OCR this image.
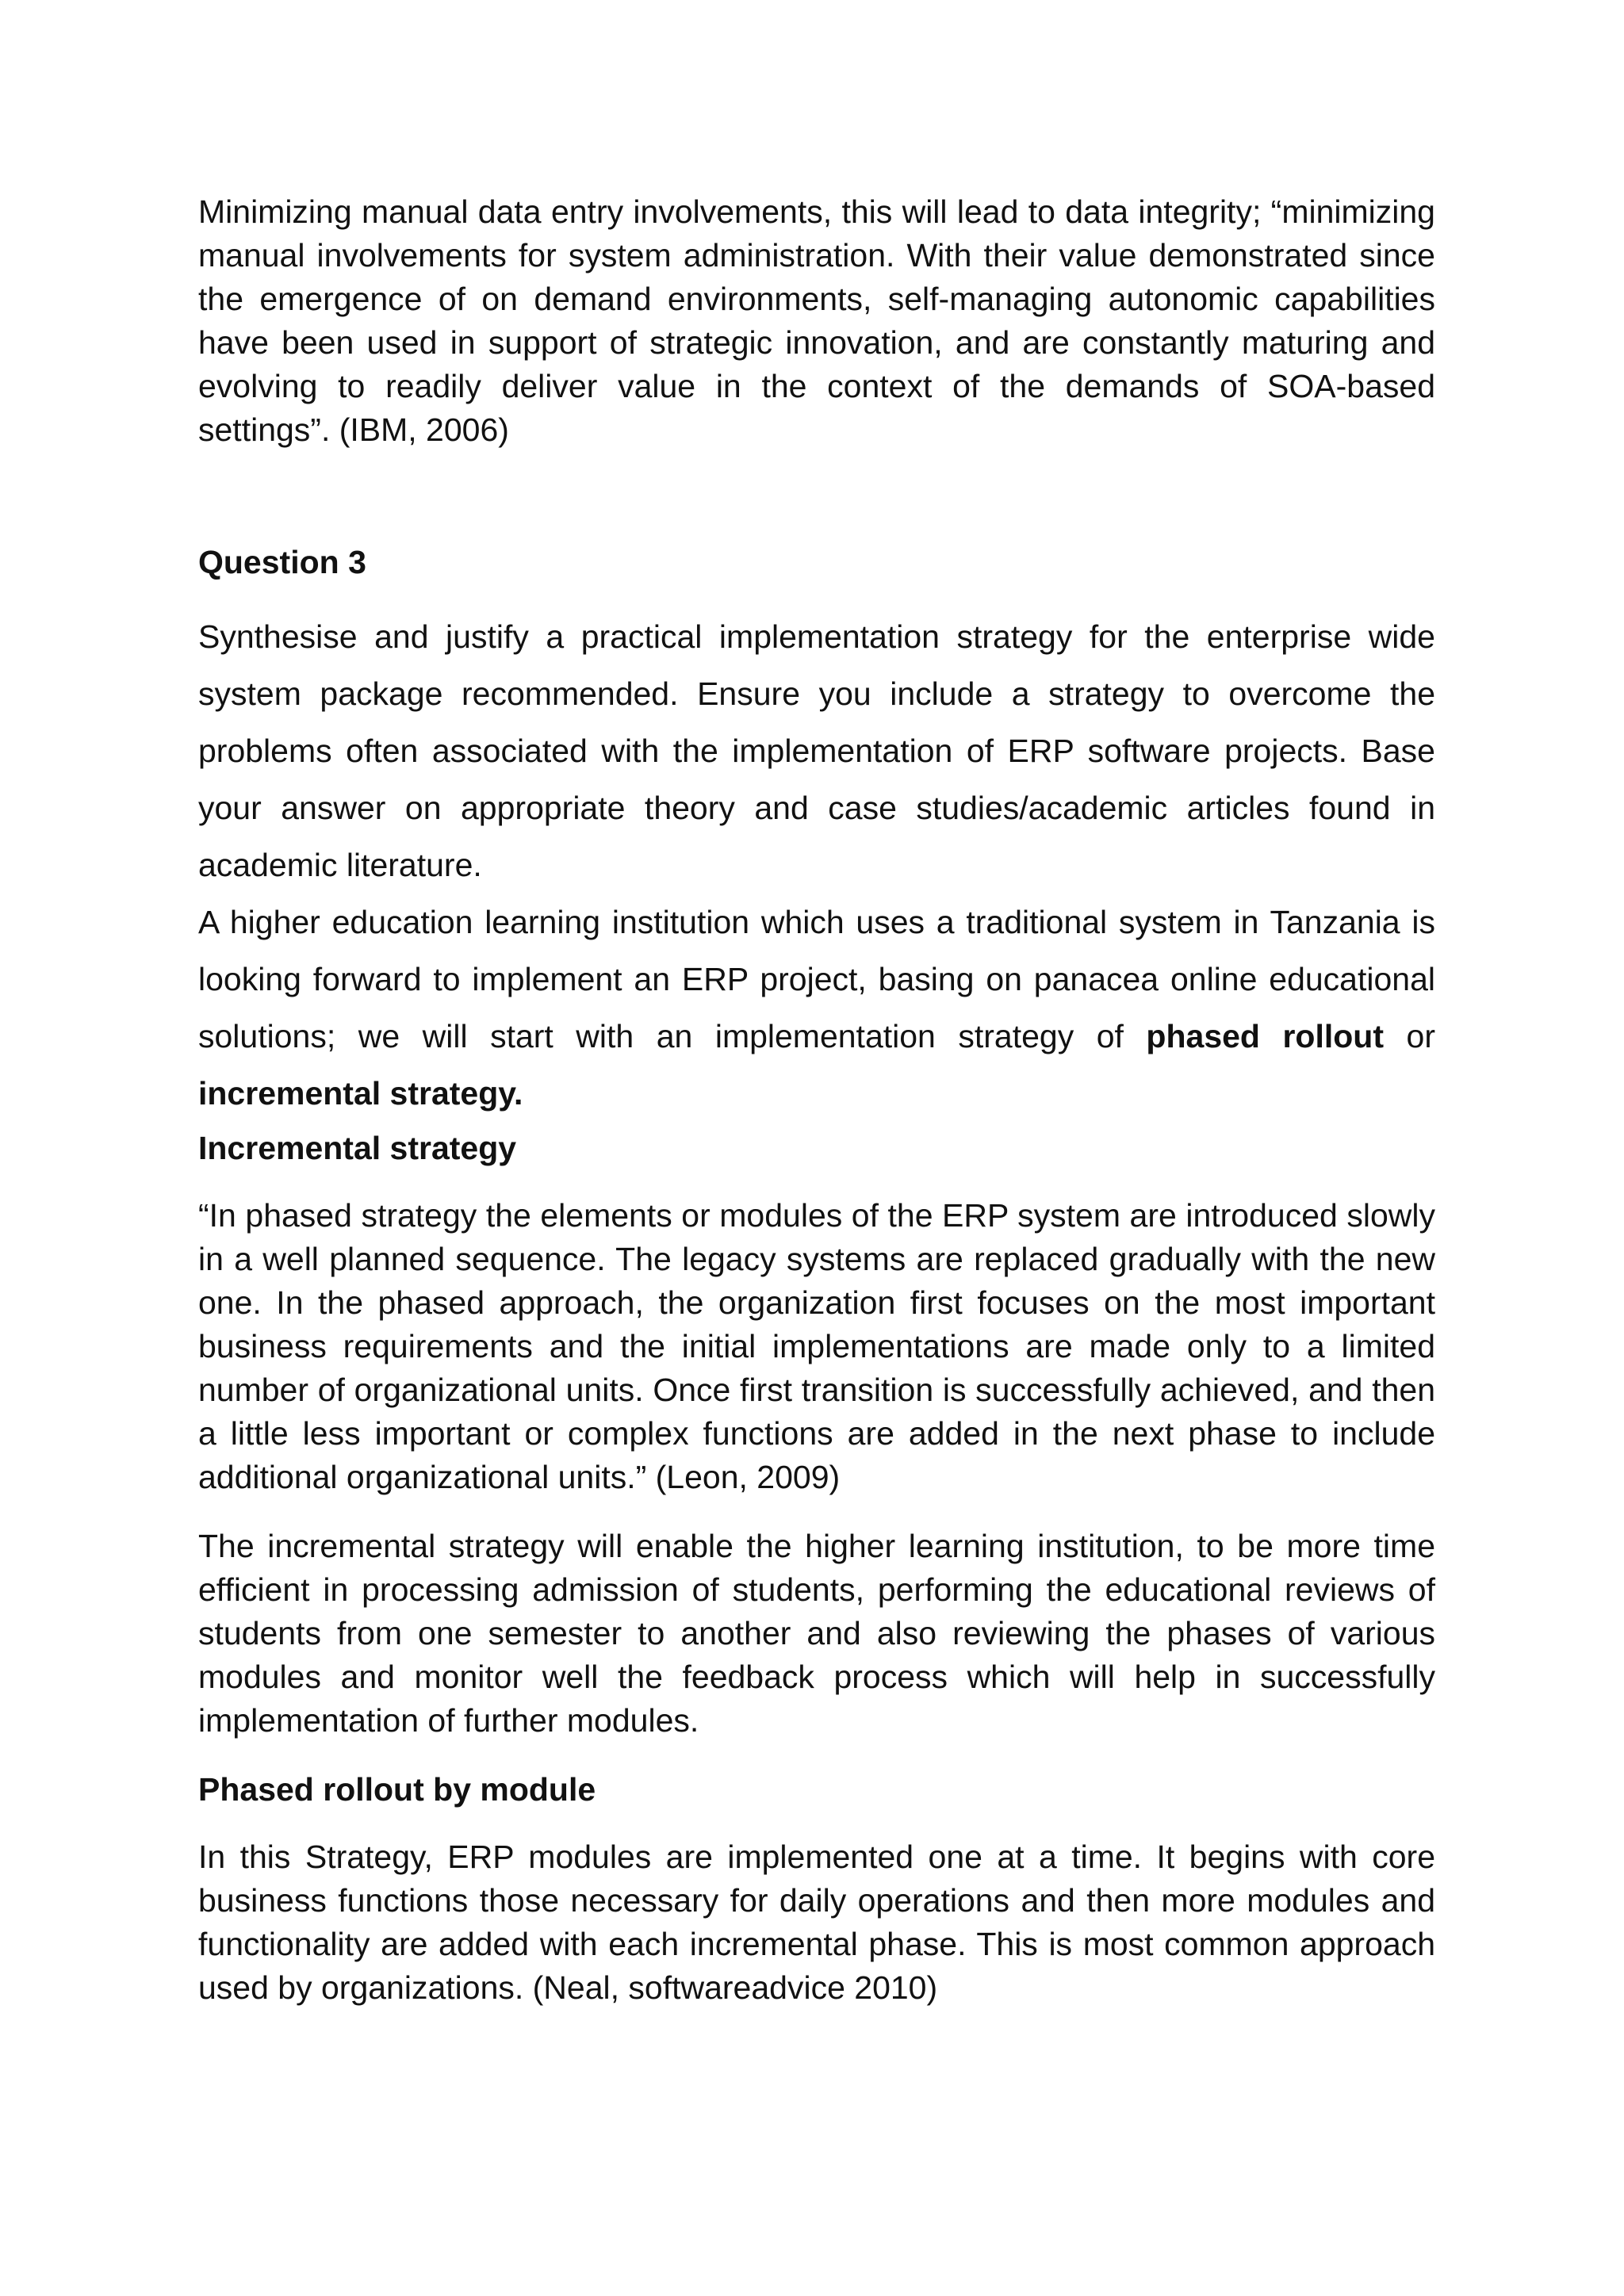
Minimizing manual data entry involvements, this will lead to data integrity; “minimizing manual involvements for system administration. With their value demonstrated since the emergence of on demand environments, self-managing autonomic capabilities have been used in support of strategic innovation, and are constantly maturing and evolving to readily deliver value in the context of the demands of SOA-based settings”. (IBM, 2006)

Question 3

Synthesise and justify a practical implementation strategy for the enterprise wide system package recommended. Ensure you include a strategy to overcome the problems often associated with the implementation of ERP software projects. Base your answer on appropriate theory and case studies/academic articles found in academic literature.

A higher education learning institution which uses a traditional system in Tanzania is looking forward to implement an ERP project, basing on panacea online educational solutions; we will start with an implementation strategy of phased rollout or incremental strategy.

Incremental strategy

“In phased strategy the elements or modules of the ERP system are introduced slowly in a well planned sequence. The legacy systems are replaced gradually with the new one. In the phased approach, the organization first focuses on the most important business requirements and the initial implementations are made only to a limited number of organizational units. Once first transition is successfully achieved, and then a little less important or complex functions are added in the next phase to include additional organizational units.” (Leon, 2009)

The incremental strategy will enable the higher learning institution, to be more time efficient in processing admission of students, performing the educational reviews of students from one semester to another and also reviewing the phases of various modules and monitor well the feedback process which will help in successfully implementation of further modules.

Phased rollout by module

In this Strategy, ERP modules are implemented one at a time. It begins with core business functions those necessary for daily operations and then more modules and functionality are added with each incremental phase. This is most common approach used by organizations. (Neal, softwareadvice 2010)
